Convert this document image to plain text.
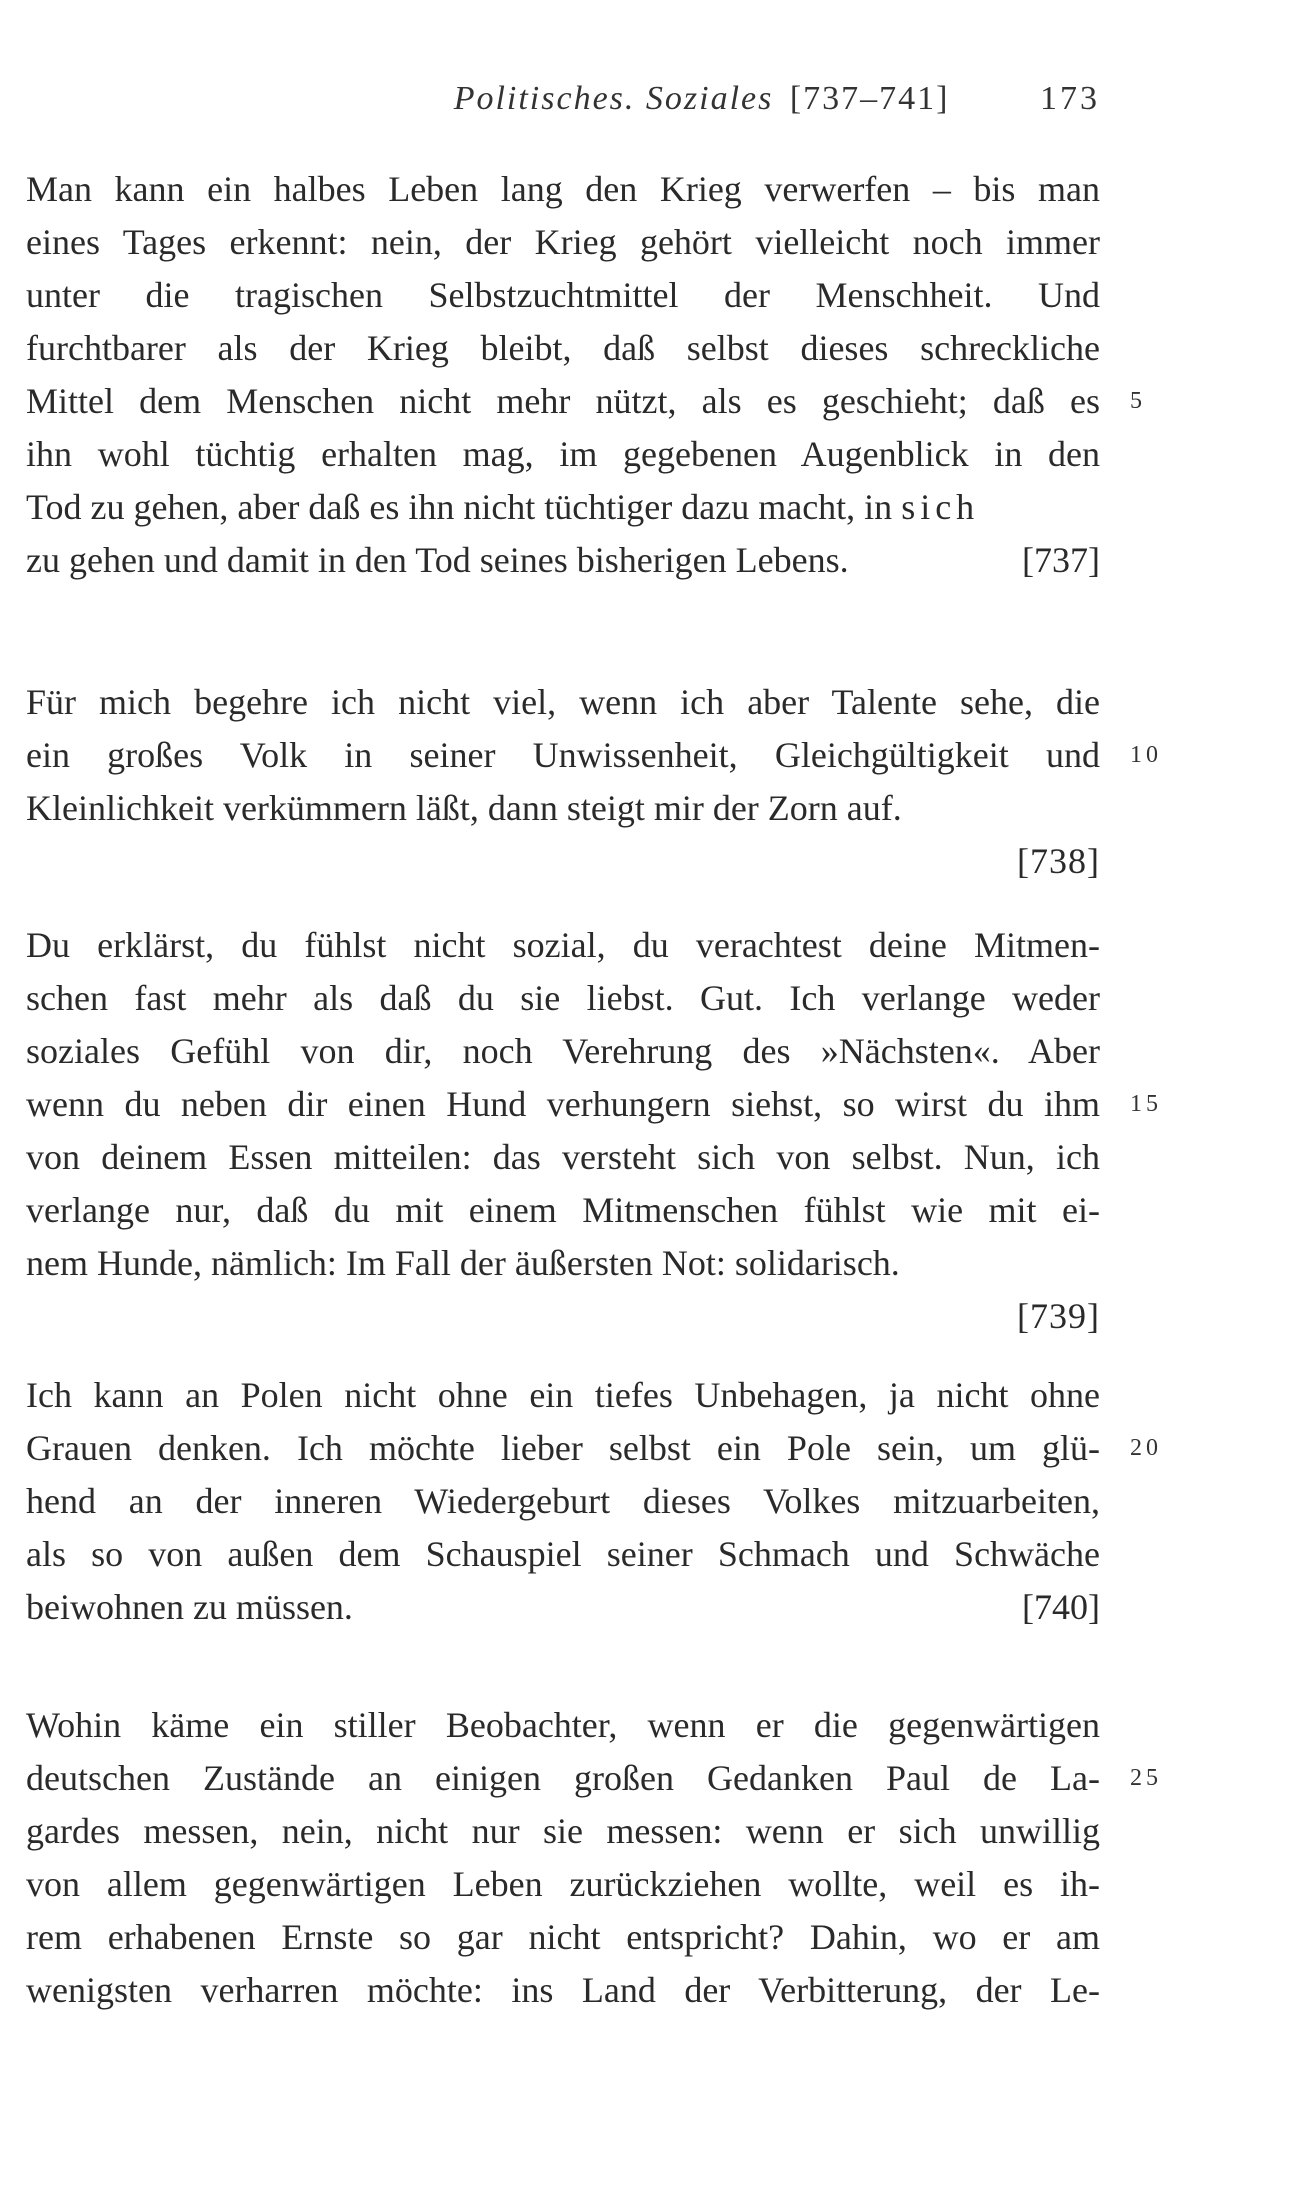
Politisches. Soziales [737–741]	173
Man kann ein halbes Leben lang den Krieg verwerfen – bis man
eines Tages erkennt: nein, der Krieg gehört vielleicht noch immer
unter die tragischen Selbstzuchtmittel der Menschheit. Und
furchtbarer als der Krieg bleibt, daß selbst dieses schreckliche
Mittel dem Menschen nicht mehr nützt, als es geschieht; daß es
ihn wohl tüchtig erhalten mag, im gegebenen Augenblick in den
Tod zu gehen, aber daß es ihn nicht tüchtiger dazu macht, in sich
zu gehen und damit in den Tod seines bisherigen Lebens.	[737]
Für mich begehre ich nicht viel, wenn ich aber Talente sehe, die
ein großes Volk in seiner Unwissenheit, Gleichgültigkeit und
Kleinlichkeit verkümmern läßt, dann steigt mir der Zorn auf.
[738]
Du erklärst, du fühlst nicht sozial, du verachtest deine Mitmen-
schen fast mehr als daß du sie liebst. Gut. Ich verlange weder
soziales Gefühl von dir, noch Verehrung des »Nächsten«. Aber
wenn du neben dir einen Hund verhungern siehst, so wirst du ihm
von deinem Essen mitteilen: das versteht sich von selbst. Nun, ich
verlange nur, daß du mit einem Mitmenschen fühlst wie mit ei-
nem Hunde, nämlich: Im Fall der äußersten Not: solidarisch.
[739]
Ich kann an Polen nicht ohne ein tiefes Unbehagen, ja nicht ohne
Grauen denken. Ich möchte lieber selbst ein Pole sein, um glü-
hend an der inneren Wiedergeburt dieses Volkes mitzuarbeiten,
als so von außen dem Schauspiel seiner Schmach und Schwäche
beiwohnen zu müssen.	[740]
Wohin käme ein stiller Beobachter, wenn er die gegenwärtigen
deutschen Zustände an einigen großen Gedanken Paul de La-
gardes messen, nein, nicht nur sie messen: wenn er sich unwillig
von allem gegenwärtigen Leben zurückziehen wollte, weil es ih-
rem erhabenen Ernste so gar nicht entspricht? Dahin, wo er am
wenigsten verharren möchte: ins Land der Verbitterung, der Le-
5
10
15
20
25
